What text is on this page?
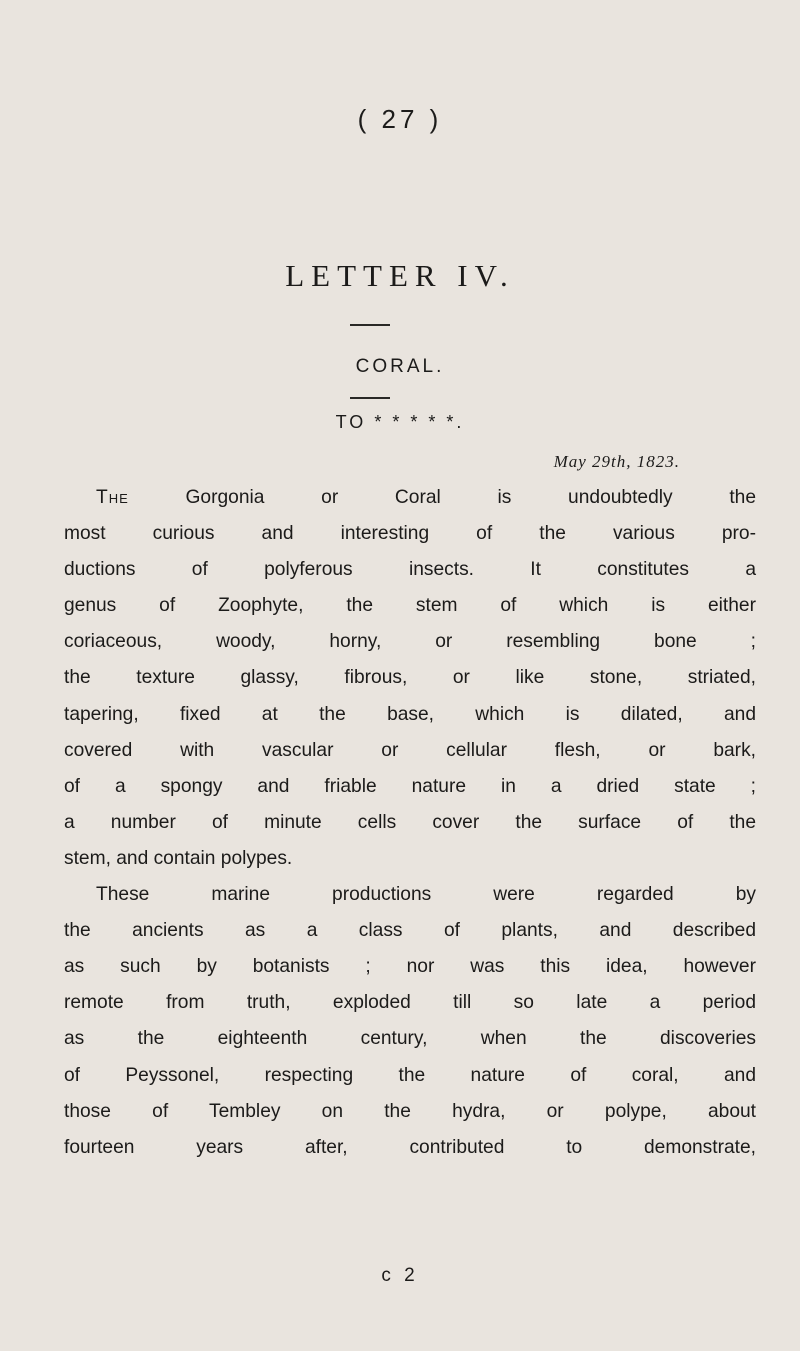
( 27 )
LETTER IV.
CORAL.
TO * * * * *.
May 29th, 1823.
The Gorgonia or Coral is undoubtedly the
most curious and interesting of the various pro-
ductions of polyferous insects. It constitutes a
genus of Zoophyte, the stem of which is either
coriaceous, woody, horny, or resembling bone ;
the texture glassy, fibrous, or like stone, striated,
tapering, fixed at the base, which is dilated, and
covered with vascular or cellular flesh, or bark,
of a spongy and friable nature in a dried state ;
a number of minute cells cover the surface of the
stem, and contain polypes.
These marine productions were regarded by
the ancients as a class of plants, and described
as such by botanists ; nor was this idea, however
remote from truth, exploded till so late a period
as the eighteenth century, when the discoveries
of Peyssonel, respecting the nature of coral, and
those of Tembley on the hydra, or polype, about
fourteen years after, contributed to demonstrate,
c 2
